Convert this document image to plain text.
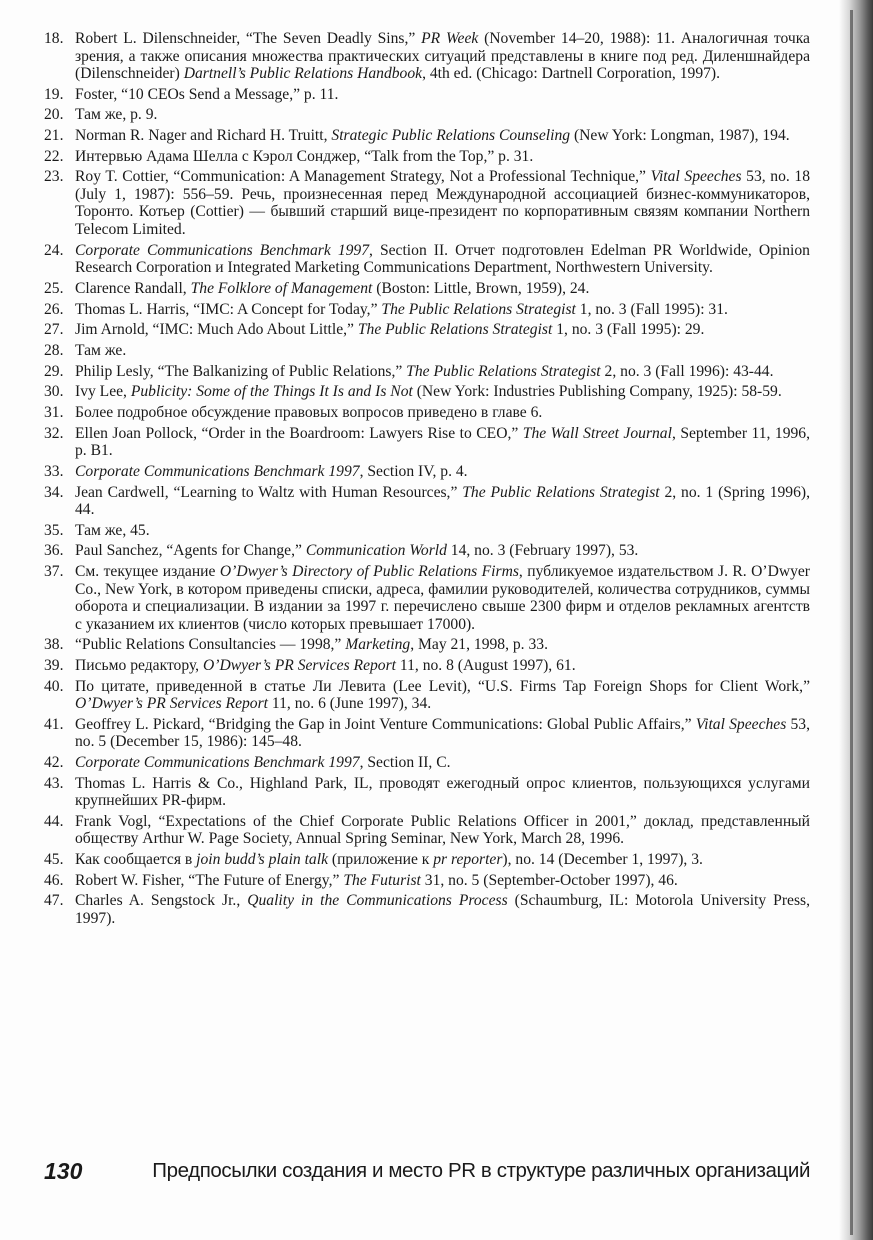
18. Robert L. Dilenschneider, “The Seven Deadly Sins,” PR Week (November 14–20, 1988): 11. Аналогичная точка зрения, а также описания множества практических ситуаций представлены в книге под ред. Диленшнайдера (Dilenschneider) Dartnell’s Public Relations Handbook, 4th ed. (Chicago: Dartnell Corporation, 1997).
19. Foster, “10 CEOs Send a Message,” p. 11.
20. Там же, p. 9.
21. Norman R. Nager and Richard H. Truitt, Strategic Public Relations Counseling (New York: Longman, 1987), 194.
22. Интервью Адама Шелла с Кэрол Сонджер, “Talk from the Top,” p. 31.
23. Roy T. Cottier, “Communication: A Management Strategy, Not a Professional Technique,” Vital Speeches 53, no. 18 (July 1, 1987): 556–59. Речь, произнесенная перед Международной ассоциацией бизнес-коммуникаторов, Торонто. Котьер (Cottier) — бывший старший вице-президент по корпоративным связям компании Northern Telecom Limited.
24. Corporate Communications Benchmark 1997, Section II. Отчет подготовлен Edelman PR Worldwide, Opinion Research Corporation и Integrated Marketing Communications Department, Northwestern University.
25. Clarence Randall, The Folklore of Management (Boston: Little, Brown, 1959), 24.
26. Thomas L. Harris, “IMC: A Concept for Today,” The Public Relations Strategist 1, no. 3 (Fall 1995): 31.
27. Jim Arnold, “IMC: Much Ado About Little,” The Public Relations Strategist 1, no. 3 (Fall 1995): 29.
28. Там же.
29. Philip Lesly, “The Balkanizing of Public Relations,” The Public Relations Strategist 2, no. 3 (Fall 1996): 43-44.
30. Ivy Lee, Publicity: Some of the Things It Is and Is Not (New York: Industries Publishing Company, 1925): 58-59.
31. Более подробное обсуждение правовых вопросов приведено в главе 6.
32. Ellen Joan Pollock, “Order in the Boardroom: Lawyers Rise to CEO,” The Wall Street Journal, September 11, 1996, p. B1.
33. Corporate Communications Benchmark 1997, Section IV, p. 4.
34. Jean Cardwell, “Learning to Waltz with Human Resources,” The Public Relations Strategist 2, no. 1 (Spring 1996), 44.
35. Там же, 45.
36. Paul Sanchez, “Agents for Change,” Communication World 14, no. 3 (February 1997), 53.
37. См. текущее издание O’Dwyer’s Directory of Public Relations Firms, публикуемое издательством J. R. O’Dwyer Co., New York, в котором приведены списки, адреса, фамилии руководителей, количества сотрудников, суммы оборота и специализации. В издании за 1997 г. перечислено свыше 2300 фирм и отделов рекламных агентств с указанием их клиентов (число которых превышает 17000).
38. “Public Relations Consultancies — 1998,” Marketing, May 21, 1998, p. 33.
39. Письмо редактору, O’Dwyer’s PR Services Report 11, no. 8 (August 1997), 61.
40. По цитате, приведенной в статье Ли Левита (Lee Levit), “U.S. Firms Tap Foreign Shops for Client Work,” O’Dwyer’s PR Services Report 11, no. 6 (June 1997), 34.
41. Geoffrey L. Pickard, “Bridging the Gap in Joint Venture Communications: Global Public Affairs,” Vital Speeches 53, no. 5 (December 15, 1986): 145–48.
42. Corporate Communications Benchmark 1997, Section II, C.
43. Thomas L. Harris & Co., Highland Park, IL, проводят ежегодный опрос клиентов, пользующихся услугами крупнейших PR-фирм.
44. Frank Vogl, “Expectations of the Chief Corporate Public Relations Officer in 2001,” доклад, представленный обществу Arthur W. Page Society, Annual Spring Seminar, New York, March 28, 1996.
45. Как сообщается в join budd’s plain talk (приложение к pr reporter), no. 14 (December 1, 1997), 3.
46. Robert W. Fisher, “The Future of Energy,” The Futurist 31, no. 5 (September-October 1997), 46.
47. Charles A. Sengstock Jr., Quality in the Communications Process (Schaumburg, IL: Motorola University Press, 1997).
130	Предпосылки создания и место PR в структуре различных организаций
